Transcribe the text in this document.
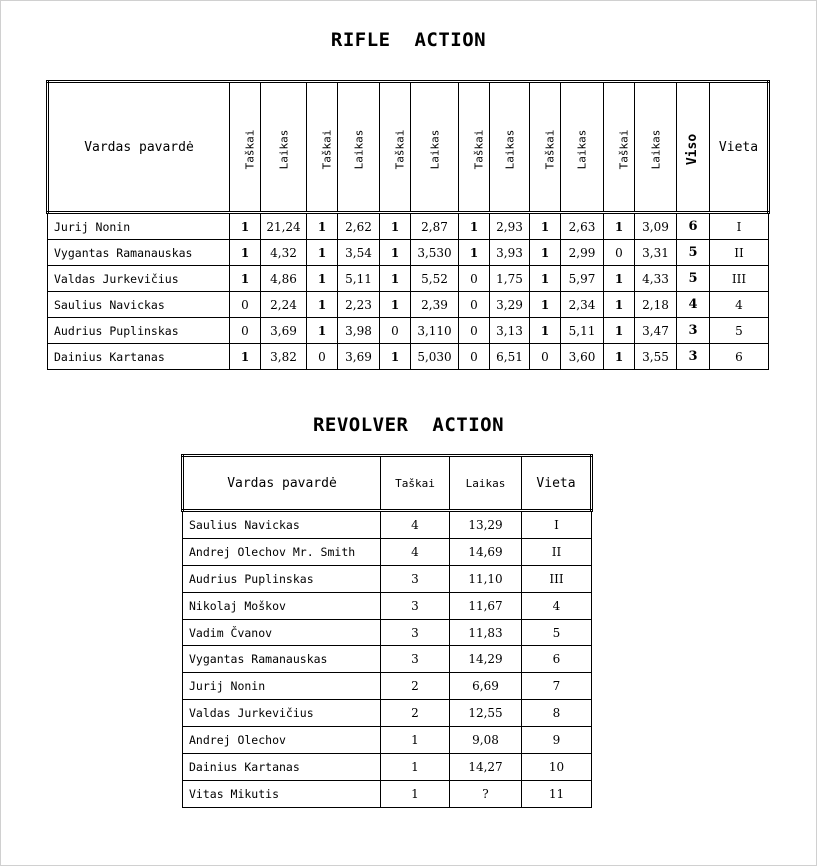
RIFLE  ACTION
Vardas pavardė	Taškai	Laikas	Taškai	Laikas	Taškai	Laikas	Taškai	Laikas	Taškai	Laikas	Taškai	Laikas	Viso	Vieta
Jurij Nonin	1	21,24	1	2,62	1	2,87	1	2,93	1	2,63	1	3,09	6	I
Vygantas Ramanauskas	1	4,32	1	3,54	1	3,530	1	3,93	1	2,99	0	3,31	5	II
Valdas Jurkevičius	1	4,86	1	5,11	1	5,52	0	1,75	1	5,97	1	4,33	5	III
Saulius Navickas	0	2,24	1	2,23	1	2,39	0	3,29	1	2,34	1	2,18	4	4
Audrius Puplinskas	0	3,69	1	3,98	0	3,110	0	3,13	1	5,11	1	3,47	3	5
Dainius Kartanas	1	3,82	0	3,69	1	5,030	0	6,51	0	3,60	1	3,55	3	6
REVOLVER  ACTION
Vardas pavardė	Taškai	Laikas	Vieta
Saulius Navickas	4	13,29	I
Andrej Olechov Mr. Smith	4	14,69	II
Audrius Puplinskas	3	11,10	III
Nikolaj Moškov	3	11,67	4
Vadim Čvanov	3	11,83	5
Vygantas Ramanauskas	3	14,29	6
Jurij Nonin	2	6,69	7
Valdas Jurkevičius	2	12,55	8
Andrej Olechov	1	9,08	9
Dainius Kartanas	1	14,27	10
Vitas Mikutis	1	?	11
